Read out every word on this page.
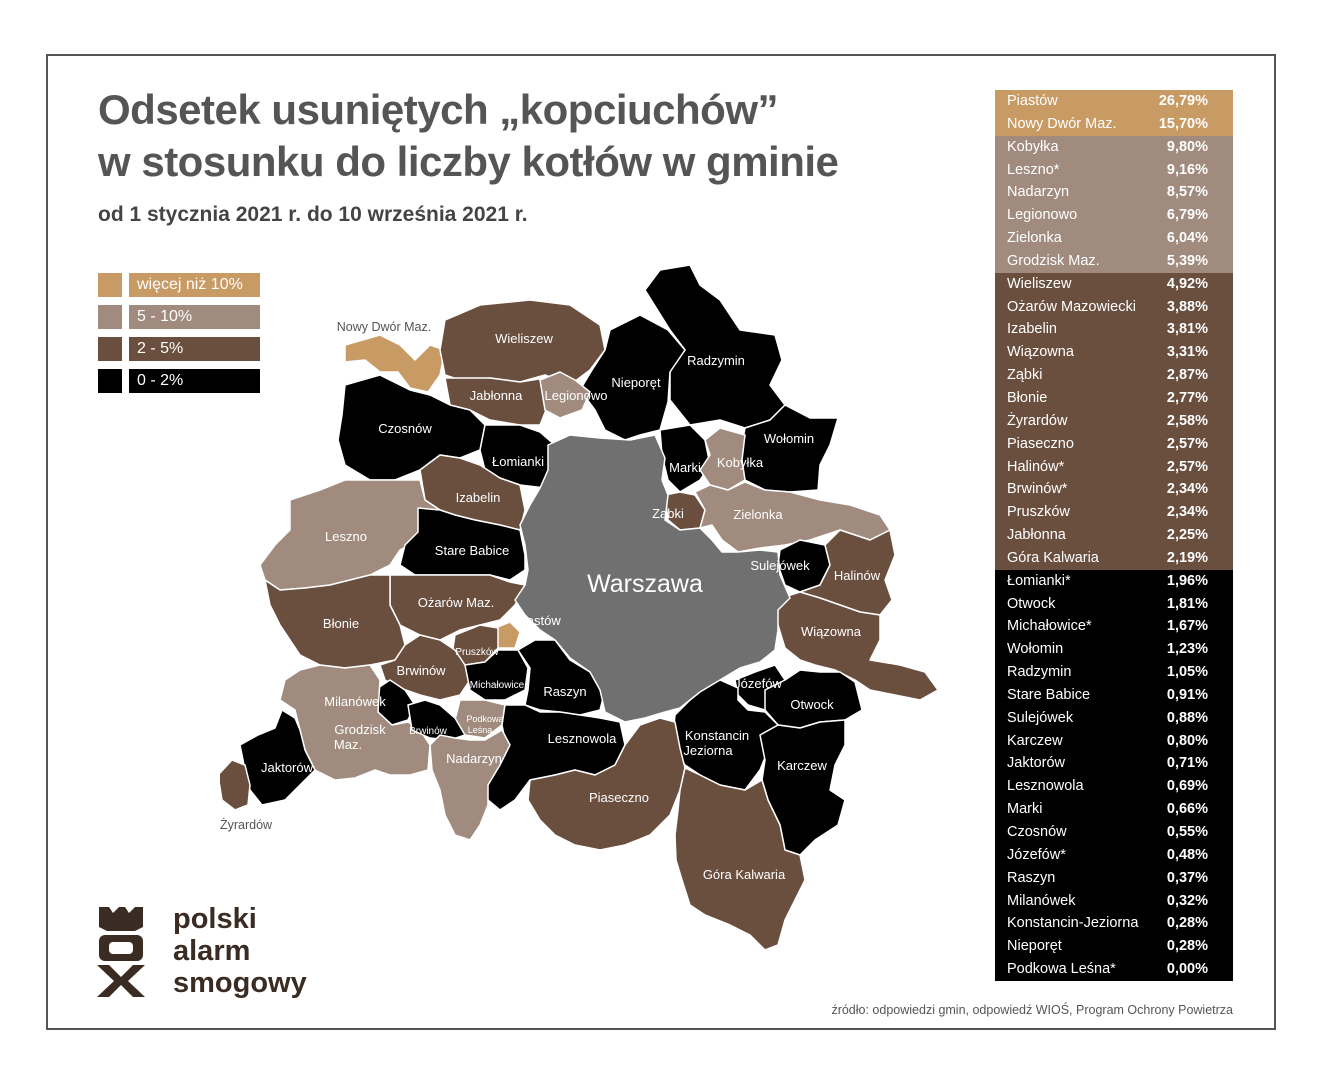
Odsetek usuniętych „kopciuchów”
w stosunku do liczby kotłów w gminie
od 1 stycznia 2021 r. do 10 września 2021 r.
więcej niż 10%
5 - 10%
2 - 5%
0 - 2%
Nowy Dwór Maz.
Wieliszew
Radzymin
Nieporęt
Jabłonna Legionowo
Czosnów
Łomianki
Wołomin
Marki Kobyłka
Izabelin
Ząbki	Zielonka
Leszno
Stare Babice
Sulejówek
Halinów
Ożarów Maz.
Błonie	Piastów
Wiązowna
Pruszków
Brwinów
Michałowice Raszyn
Józefów
Otwock
Milanówek
Grodzisk
Maz.
Podkowa
Leśna
Brwinów	Lesznowola	Konstancin
Jeziorna
Karczew
Jaktorów
Nadarzyn
Piaseczno
Żyrardów
Góra Kalwaria
Warszawa
Piastów	26,79%
Nowy Dwór Maz.	15,70%
Kobyłka	9,80%
Leszno*	9,16%
Nadarzyn	8,57%
Legionowo	6,79%
Zielonka	6,04%
Grodzisk Maz.	5,39%
Wieliszew	4,92%
Ożarów Mazowiecki 3,88%
Izabelin	3,81%
Wiązowna	3,31%
Ząbki	2,87%
Błonie	2,77%
Żyrardów	2,58%
Piaseczno	2,57%
Halinów*	2,57%
Brwinów*	2,34%
Pruszków	2,34%
Jabłonna	2,25%
Góra Kalwaria	2,19%
Łomianki*	1,96%
Otwock	1,81%
Michałowice*	1,67%
Wołomin	1,23%
Radzymin	1,05%
Stare Babice	0,91%
Sulejówek	0,88%
Karczew	0,80%
Jaktorów	0,71%
Lesznowola	0,69%
Marki	0,66%
Czosnów	0,55%
Józefów*	0,48%
Raszyn	0,37%
Milanówek	0,32%
Konstancin-Jeziorna 0,28%
Nieporęt	0,28%
Podkowa Leśna*	0,00%
polski
alarm
smogowy
źródło: odpowiedzi gmin, odpowiedź WIOŚ, Program Ochrony Powietrza
